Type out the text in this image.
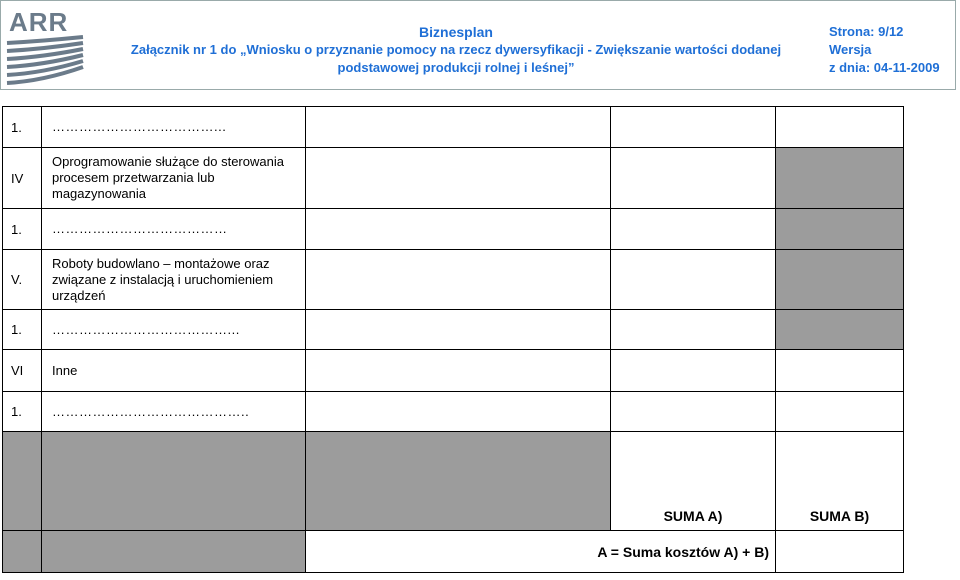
ARR	Biznesplan
Załącznik nr 1 do „Wniosku o przyznanie pomocy na rzecz dywersyfikacji - Zwiększanie wartości dodanej
podstawowej produkcji rolnej i leśnej”
Strona: 9/12
Wersja
z dnia: 04-11-2009
1.	………………………………...			
IV	Oprogramowanie służące do sterowania procesem przetwarzania lub magazynowania			
1.	…………………………………			
V.	Roboty budowlano – montażowe oraz związane z instalacją i uruchomieniem urządzeń			
1.	…………………………………...			
VI	Inne			
1.	……………………………………..			

			SUMA A)	SUMA B)

		A = Suma kosztów A) + B)		
